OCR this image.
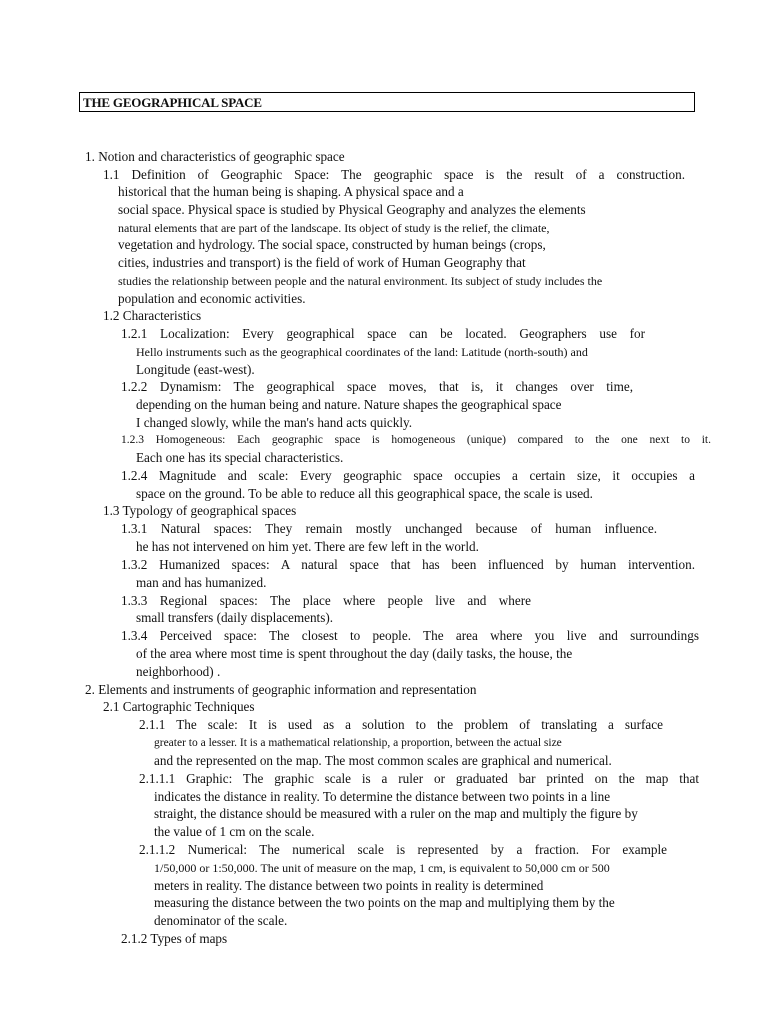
THE GEOGRAPHICAL SPACE
1. Notion and characteristics of geographic space
1.1 Definition of Geographic Space: The geographic space is the result of a construction.
historical that the human being is shaping. A physical space and a
social space. Physical space is studied by Physical Geography and analyzes the elements
natural elements that are part of the landscape. Its object of study is the relief, the climate,
vegetation and hydrology. The social space, constructed by human beings (crops,
cities, industries and transport) is the field of work of Human Geography that
studies the relationship between people and the natural environment. Its subject of study includes the
population and economic activities.
1.2 Characteristics
1.2.1 Localization: Every geographical space can be located. Geographers use for
Hello instruments such as the geographical coordinates of the land: Latitude (north-south) and
Longitude (east-west).
1.2.2 Dynamism: The geographical space moves, that is, it changes over time,
depending on the human being and nature. Nature shapes the geographical space
I changed slowly, while the man's hand acts quickly.
1.2.3 Homogeneous: Each geographic space is homogeneous (unique) compared to the one next to it.
Each one has its special characteristics.
1.2.4 Magnitude and scale: Every geographic space occupies a certain size, it occupies a
space on the ground. To be able to reduce all this geographical space, the scale is used.
1.3 Typology of geographical spaces
1.3.1 Natural spaces: They remain mostly unchanged because of human influence.
he has not intervened on him yet. There are few left in the world.
1.3.2 Humanized spaces: A natural space that has been influenced by human intervention.
man and has humanized.
1.3.3 Regional spaces: The place where people live and where
small transfers (daily displacements).
1.3.4 Perceived space: The closest to people. The area where you live and surroundings
of the area where most time is spent throughout the day (daily tasks, the house, the
neighborhood) .
2. Elements and instruments of geographic information and representation
2.1 Cartographic Techniques
2.1.1 The scale: It is used as a solution to the problem of translating a surface
greater to a lesser. It is a mathematical relationship, a proportion, between the actual size
and the represented on the map. The most common scales are graphical and numerical.
2.1.1.1 Graphic: The graphic scale is a ruler or graduated bar printed on the map that
indicates the distance in reality. To determine the distance between two points in a line
straight, the distance should be measured with a ruler on the map and multiply the figure by
the value of 1 cm on the scale.
2.1.1.2 Numerical: The numerical scale is represented by a fraction. For example
1/50,000 or 1:50,000. The unit of measure on the map, 1 cm, is equivalent to 50,000 cm or 500
meters in reality. The distance between two points in reality is determined
measuring the distance between the two points on the map and multiplying them by the
denominator of the scale.
2.1.2 Types of maps
